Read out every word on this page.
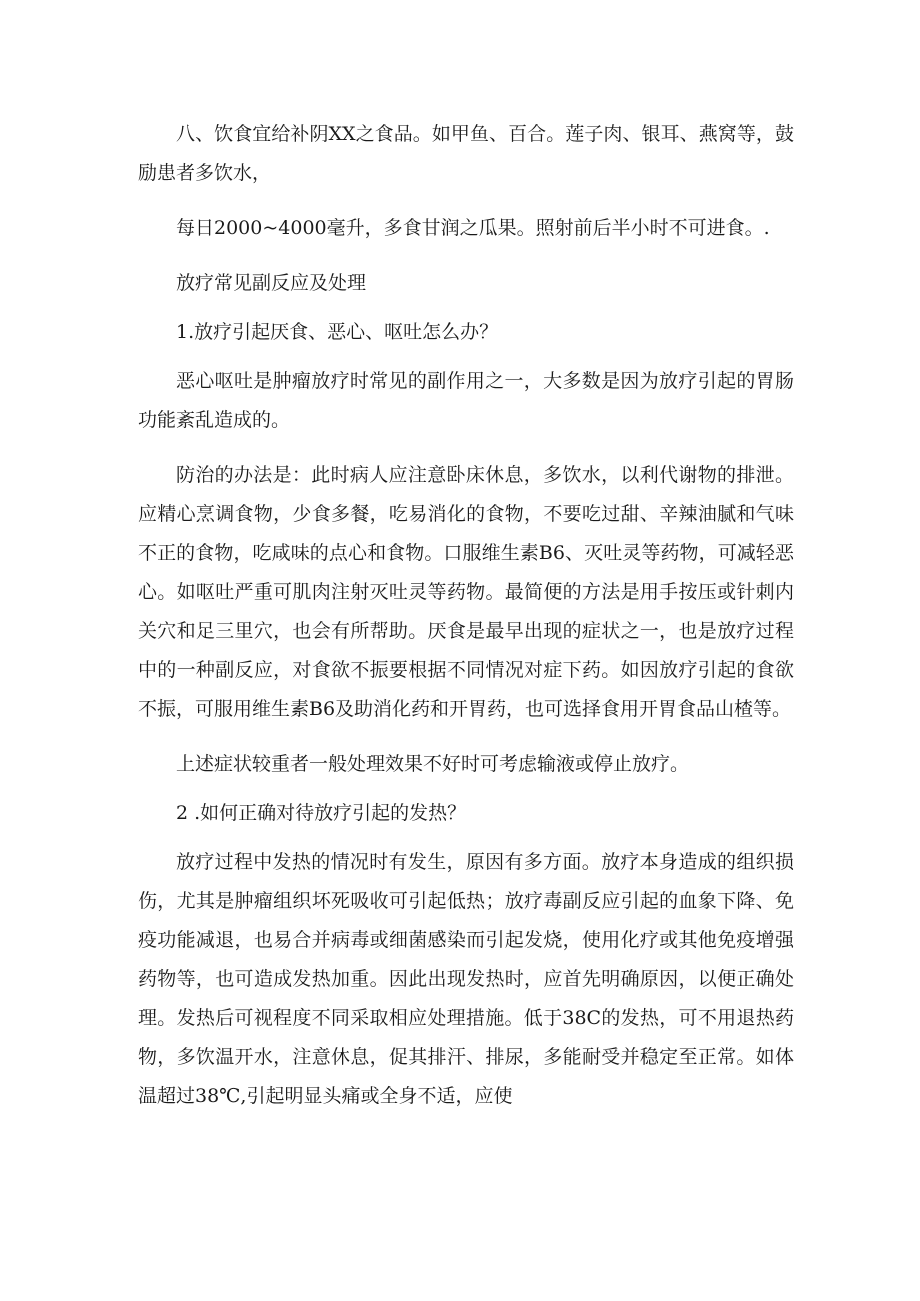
八、饮食宜给补阴XX之食品。如甲鱼、百合。莲子肉、银耳、燕窝等，鼓励患者多饮水，

每日2000~4000毫升，多食甘润之瓜果。照射前后半小时不可进食。.

放疗常见副反应及处理

1.放疗引起厌食、恶心、呕吐怎么办？

恶心呕吐是肿瘤放疗时常见的副作用之一，大多数是因为放疗引起的胃肠功能紊乱造成的。

防治的办法是：此时病人应注意卧床休息，多饮水，以利代谢物的排泄。应精心烹调食物，少食多餐，吃易消化的食物，不要吃过甜、辛辣油腻和气味不正的食物，吃咸味的点心和食物。口服维生素B6、灭吐灵等药物，可减轻恶心。如呕吐严重可肌肉注射灭吐灵等药物。最简便的方法是用手按压或针刺内关穴和足三里穴，也会有所帮助。厌食是最早出现的症状之一，也是放疗过程中的一种副反应，对食欲不振要根据不同情况对症下药。如因放疗引起的食欲不振，可服用维生素B6及助消化药和开胃药，也可选择食用开胃食品山楂等。

上述症状较重者一般处理效果不好时可考虑输液或停止放疗。

2 .如何正确对待放疗引起的发热？

放疗过程中发热的情况时有发生，原因有多方面。放疗本身造成的组织损伤，尤其是肿瘤组织坏死吸收可引起低热；放疗毒副反应引起的血象下降、免疫功能减退，也易合并病毒或细菌感染而引起发烧，使用化疗或其他免疫增强药物等，也可造成发热加重。因此出现发热时，应首先明确原因，以便正确处理。发热后可视程度不同采取相应处理措施。低于38C的发热，可不用退热药物，多饮温开水，注意休息，促其排汗、排尿，多能耐受并稳定至正常。如体温超过38℃,引起明显头痛或全身不适，应使
